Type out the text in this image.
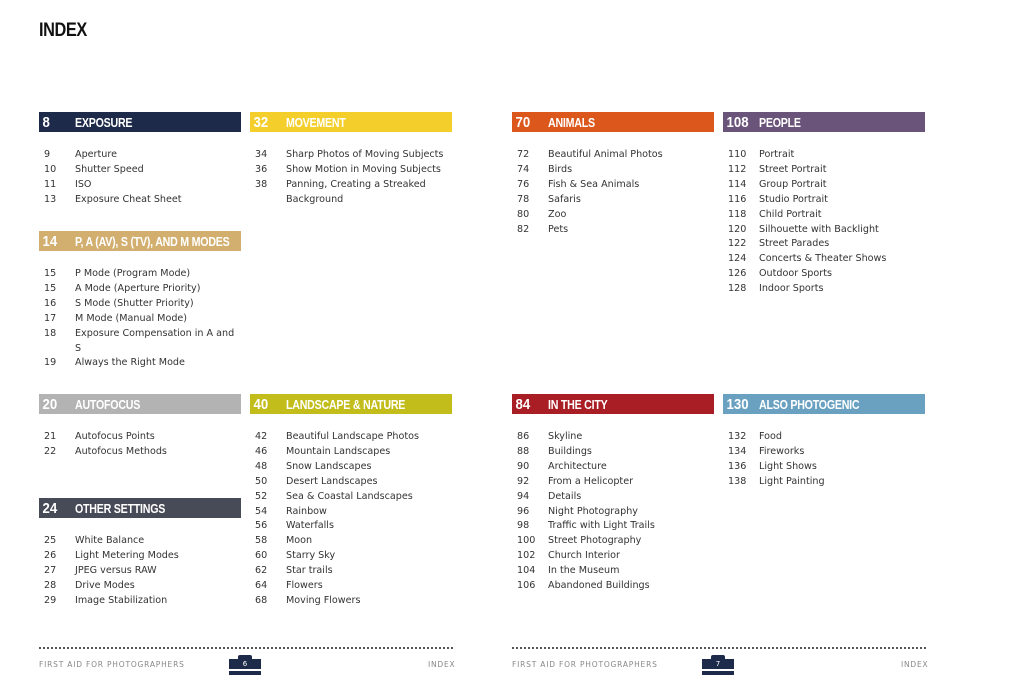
INDEX
8	EXPOSURE
9	Aperture
10	Shutter Speed
11	ISO
13	Exposure Cheat Sheet
14	P, A (AV), S (TV), AND M MODES
15	P Mode (Program Mode)
15	A Mode (Aperture Priority)
16	S Mode (Shutter Priority)
17	M Mode (Manual Mode)
18	Exposure Compensation in A and S
19	Always the Right Mode
20	AUTOFOCUS
21	Autofocus Points
22	Autofocus Methods
24	OTHER SETTINGS
25	White Balance
26	Light Metering Modes
27	JPEG versus RAW
28	Drive Modes
29	Image Stabilization
32	MOVEMENT
34	Sharp Photos of Moving Subjects
36	Show Motion in Moving Subjects
38	Panning, Creating a Streaked
Background
40	LANDSCAPE & NATURE
42	Beautiful Landscape Photos
46	Mountain Landscapes
48	Snow Landscapes
50	Desert Landscapes
52	Sea & Coastal Landscapes
54	Rainbow
56	Waterfalls
58	Moon
60	Starry Sky
62	Star trails
64	Flowers
68	Moving Flowers
70	ANIMALS
72	Beautiful Animal Photos
74	Birds
76	Fish & Sea Animals
78	Safaris
80	Zoo
82	Pets
84	IN THE CITY
86	Skyline
88	Buildings
90	Architecture
92	From a Helicopter
94	Details
96	Night Photography
98	Traffic with Light Trails
100	Street Photography
102	Church Interior
104	In the Museum
106	Abandoned Buildings
108 PEOPLE
110	Portrait
112	Street Portrait
114	Group Portrait
116	Studio Portrait
118	Child Portrait
120	Silhouette with Backlight
122	Street Parades
124	Concerts & Theater Shows
126	Outdoor Sports
128	Indoor Sports
130 ALSO PHOTOGENIC
132	Food
134	Fireworks
136	Light Shows
138	Light Painting
FIRST AID FOR PHOTOGRAPHERS	6	INDEX	FIRST AID FOR PHOTOGRAPHERS	7	INDEX
